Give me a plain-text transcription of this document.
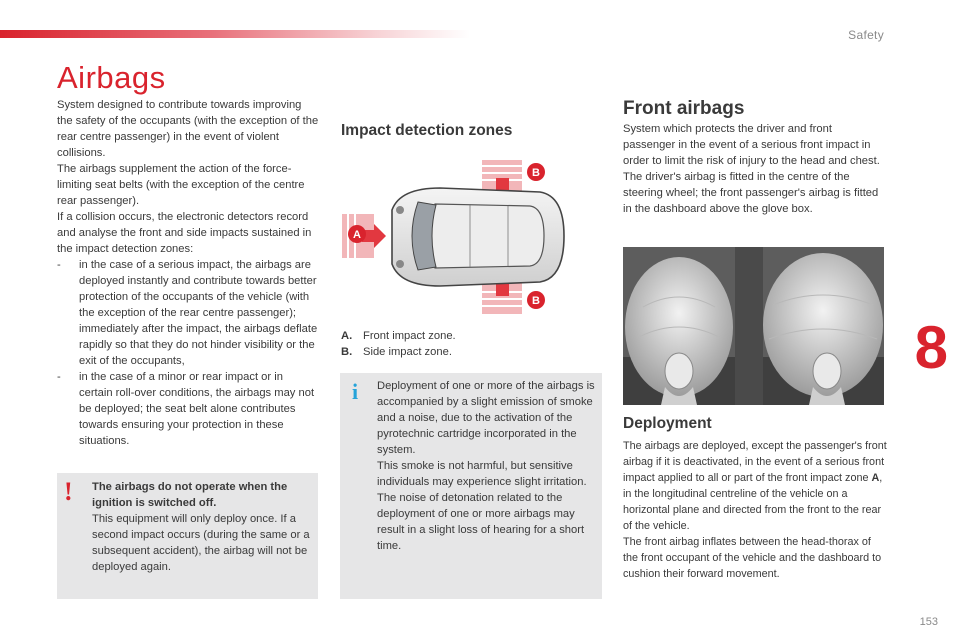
Safety
8
153
Airbags

System designed to contribute towards improving the safety of the occupants (with the exception of the rear centre passenger) in the event of violent collisions.

The airbags supplement the action of the force-limiting seat belts (with the exception of the centre rear passenger).

If a collision occurs, the electronic detectors record and analyse the front and side impacts sustained in the impact detection zones:

- in the case of a serious impact, the airbags are deployed instantly and contribute towards better protection of the occupants of the vehicle (with the exception of the rear centre passenger); immediately after the impact, the airbags deflate rapidly so that they do not hinder visibility or the exit of the occupants,
- in the case of a minor or rear impact or in certain roll-over conditions, the airbags may not be deployed; the seat belt alone contributes towards ensuring your protection in these situations.
! The airbags do not operate when the ignition is switched off.

This equipment will only deploy once. If a second impact occurs (during the same or a subsequent accident), the airbag will not be deployed again.

Impact detection zones
B
B
A
A. Front impact zone.
B. Side impact zone.
i Deployment of one or more of the airbags is accompanied by a slight emission of smoke and a noise, due to the activation of the pyrotechnic cartridge incorporated in the system.

This smoke is not harmful, but sensitive individuals may experience slight irritation.

The noise of detonation related to the deployment of one or more airbags may result in a slight loss of hearing for a short time.

Front airbags

System which protects the driver and front passenger in the event of a serious front impact in order to limit the risk of injury to the head and chest.

The driver's airbag is fitted in the centre of the steering wheel; the front passenger's airbag is fitted in the dashboard above the glove box.

Deployment

The airbags are deployed, except the passenger's front airbag if it is deactivated, in the event of a serious front impact applied to all or part of the front impact zone A, in the longitudinal centreline of the vehicle on a horizontal plane and directed from the front to the rear of the vehicle.

The front airbag inflates between the head-thorax of the front occupant of the vehicle and the dashboard to cushion their forward movement.
